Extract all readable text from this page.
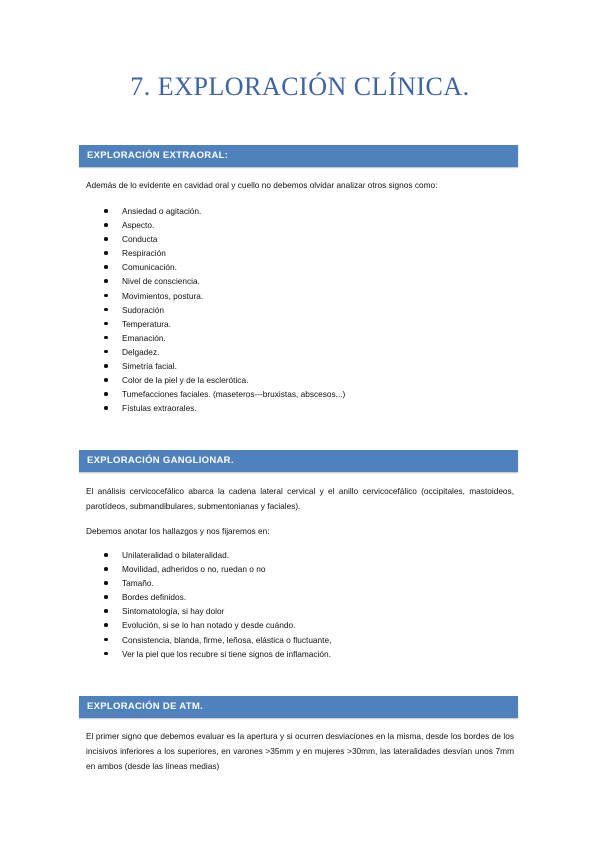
7. EXPLORACIÓN CLÍNICA.
EXPLORACIÓN EXTRAORAL:

Además de lo evidente en cavidad oral y cuello no debemos olvidar analizar otros signos como:

Ansiedad o agitación.
Aspecto.
Conducta
Respiración
Comunicación.
Nivel de consciencia.
Movimientos, postura.
Sudoración
Temperatura.
Emanación.
Delgadez.
Simetría facial.
Color de la piel y de la esclerótica.
Tumefacciones faciales. (maseteros---bruxistas, abscesos...)
Fístulas extraorales.
EXPLORACIÓN GANGLIONAR.

El análisis cervicocefálico abarca la cadena lateral cervical y el anillo cervicocefálico (occipitales, mastoideos, parotídeos, submandibulares, submentonianas y faciales).

Debemos anotar los hallazgos y nos fijaremos en:

Unilateralidad o bilateralidad.
Movilidad, adheridos o no, ruedan o no
Tamaño.
Bordes definidos.
Sintomatología, si hay dolor
Evolución, si se lo han notado y desde cuándo.
Consistencia, blanda, firme, leñosa, elástica o fluctuante,
Ver la piel que los recubre si tiene signos de inflamación.
EXPLORACIÓN DE ATM.

El primer signo que debemos evaluar es la apertura y si ocurren desviaciones en la misma, desde los bordes de los incisivos inferiores a los superiores, en varones >35mm y en mujeres >30mm, las lateralidades desvían unos 7mm en ambos (desde las líneas medias)
